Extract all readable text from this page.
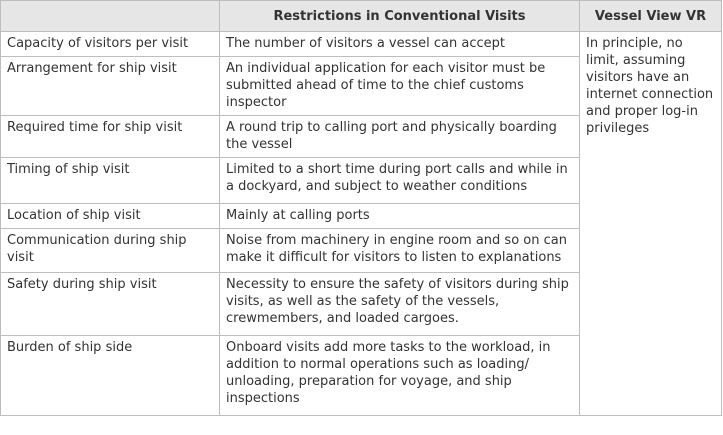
	Restrictions in Conventional Visits	Vessel View VR
Capacity of visitors per visit	The number of visitors a vessel can accept	In principle, no limit, assuming visitors have an internet connection and proper log-in privileges
Arrangement for ship visit	An individual application for each visitor must be submitted ahead of time to the chief customs inspector	
Required time for ship visit	A round trip to calling port and physically boarding the vessel	
Timing of ship visit	Limited to a short time during port calls and while in a dockyard, and subject to weather conditions	
Location of ship visit	Mainly at calling ports	
Communication during ship visit	Noise from machinery in engine room and so on can make it difficult for visitors to listen to explanations	
Safety during ship visit	Necessity to ensure the safety of visitors during ship visits, as well as the safety of the vessels, crewmembers, and loaded cargoes.	
Burden of ship side	Onboard visits add more tasks to the workload, in addition to normal operations such as loading/ unloading, preparation for voyage, and ship inspections	
